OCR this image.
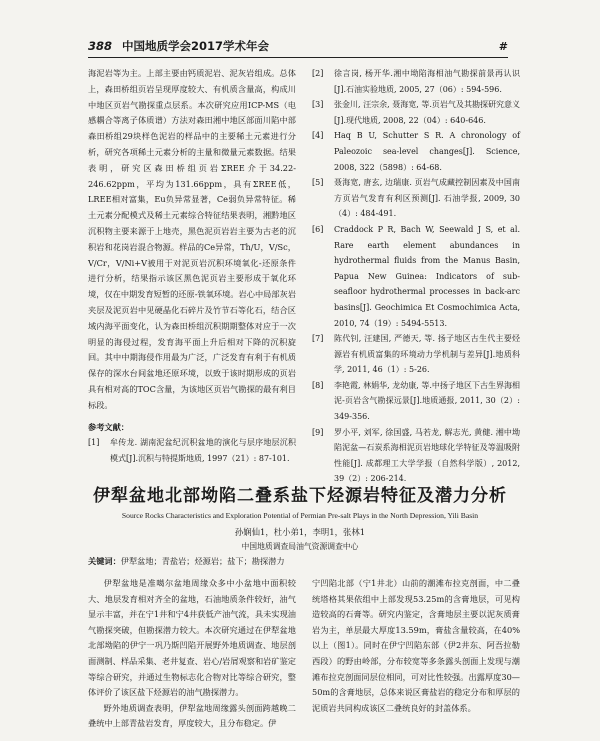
388 中国地质学会2017学术年会	#

海泥岩等为主。上部主要由钙质泥岩、泥灰岩组成。总体上，森田桥组页岩呈现厚度较大、有机质含量高，构成川中地区页岩气勘探重点层系。本次研究应用ICP-MS（电感耦合等离子体质谱）方法对森田湘中地区部面川陷中部森田桥组29块样色泥岩的样品中的主要稀土元素进行分析，研究各项稀土元素分析的主量和微量元素数据。结果表明，研究区森田桥组页岩ΣREE介于34.22-246.62ppm，平均为131.66ppm，具有ΣREE低，LREE相对富集，Eu负异常显著，Ce弱负异常特征。稀土元素分配模式及稀土元素综合特征结果表明，湘黔地区沉积物主要来源于上地壳，黑色泥页岩岩主要为古老的沉积岩和花岗岩混合物源。样品的Ce异常，Th/U，V/Sc，V/Cr，V/Ni+V被用于对泥页岩沉积环境氧化-还原条件进行分析，结果指示该区黑色泥页岩主要形成于氧化环境，仅在中期发育短暂的还原-铁氧环境。岩心中局部灰岩夹层及泥页岩中见硬晶化石碎片及竹节石等化石，结合区域内海平面变化，认为森田桥组沉积期期整体对应于一次明显的海侵过程，发育海平面上升后相对下降的沉积旋回。其中中期海侵作用最为广泛，广泛发育有利于有机质保存的深水台间盆地还原环境，以致于该时期形成的页岩具有相对高的TOC含量，为该地区页岩气勘探的最有利目标段。

参考文献：

[1]	牟传龙. 湖南泥盆纪沉积盆地的演化与层序地层沉积模式[J].沉积与特提斯地质, 1997（21）: 87-101.
[2]	徐言岗, 杨开华.湘中坳陷海相油气勘探前景再认识[J].石油实验地质, 2005, 27（06）: 594-596.
[3]	张金川, 汪宗余, 聂海宽, 等.页岩气及其勘探研究意义[J].现代地质, 2008, 22（04）: 640-646.
[4]	Haq B U, Schutter S R. A chronology of Paleozoic sea-level changes[J]. Science, 2008, 322（5898）: 64-68.
[5]	聂海宽, 唐玄, 边瑞康. 页岩气成藏控制因素及中国南方页岩气发育有利区预测[J]. 石油学报, 2009, 30（4）: 484-491.
[6]	Craddock P R, Bach W, Seewald J S, et al. Rare earth element abundances in hydrothermal fluids from the Manus Basin, Papua New Guinea: Indicators of sub-seafloor hydrothermal processes in back-arc basins[J]. Geochimica Et Cosmochimica Acta, 2010, 74（19）: 5494-5513.
[7]	陈代钊, 汪建国, 严德天, 等. 扬子地区古生代主要烃源岩有机质富集的环境动力学机制与差异[J].地质科学, 2011, 46（1）: 5-26.
[8]	李艳霞, 林娟华, 龙幼康, 等.中扬子地区下古生界海相泥-页岩含气勘探远景[J].地质通报, 2011, 30（2）: 349-356.
[9]	罗小平, 刘军, 徐国盛, 马若龙, 解志光, 黄健. 湘中坳陷泥盆—石炭系海相泥页岩地球化学特征及等温吸附性能[J]. 成都理工大学学报（自然科学版）, 2012, 39（2）: 206-214.
伊犁盆地北部坳陷二叠系盐下烃源岩特征及潜力分析
Source Rocks Characteristics and Exploration Potential of Permian Pre-salt Plays in the North Depression, Yili Basin
孙娴仙1，杜小弟1，李明1，张林1
中国地质调查局油气资源调查中心
关键词：伊犁盆地；青盐岩；烃源岩；盐下；勘探潜力

伊犁盆地是准噶尔盆地周缘众多中小盆地中面积较大、地层发育相对齐全的盆地，石油地质条件较好，油气显示丰富，并在宁1井和宁4井获低产油气流，具未实现油气勘探突破，但勘探潜力较大。本次研究通过在伊犁盆地北部坳陷的伊宁一巩乃斯凹陷开展野外地质调查、地层剖面测制、样品采集、老井复查、岩心/岩屑观察和岩矿鉴定等综合研究，并通过生物标志化合物对比等综合研究，整体评价了该区盐下烃源岩的油气勘探潜力。

野外地质调查表明，伊犁盆地周缘露头剖面跨越晚二叠统中上部青盐岩发育，厚度较大，且分布稳定。伊

宁凹陷北部（宁1井北）山前的潮滩布拉克剖面，中二叠统塔格其果依组中上部发现53.25m的含膏地层，可见构造较高的石膏等。研究内鉴定，含膏地层主要以泥灰质膏岩为主，单层最大厚度13.59m，膏盐含量较高，在40%以上（图1）。同时在伊宁凹陷东部（伊2井东、阿吾拉勒西段）的野由岭部，分布较宽等多条露头剖面上发现与潮滩布拉克剖面同层位相同，可对比性较强。出露厚度30—50m的含膏地层，总体来说区膏盐岩的稳定分布和厚层的泥质岩共同构成该区二叠统良好的封盖体系。
